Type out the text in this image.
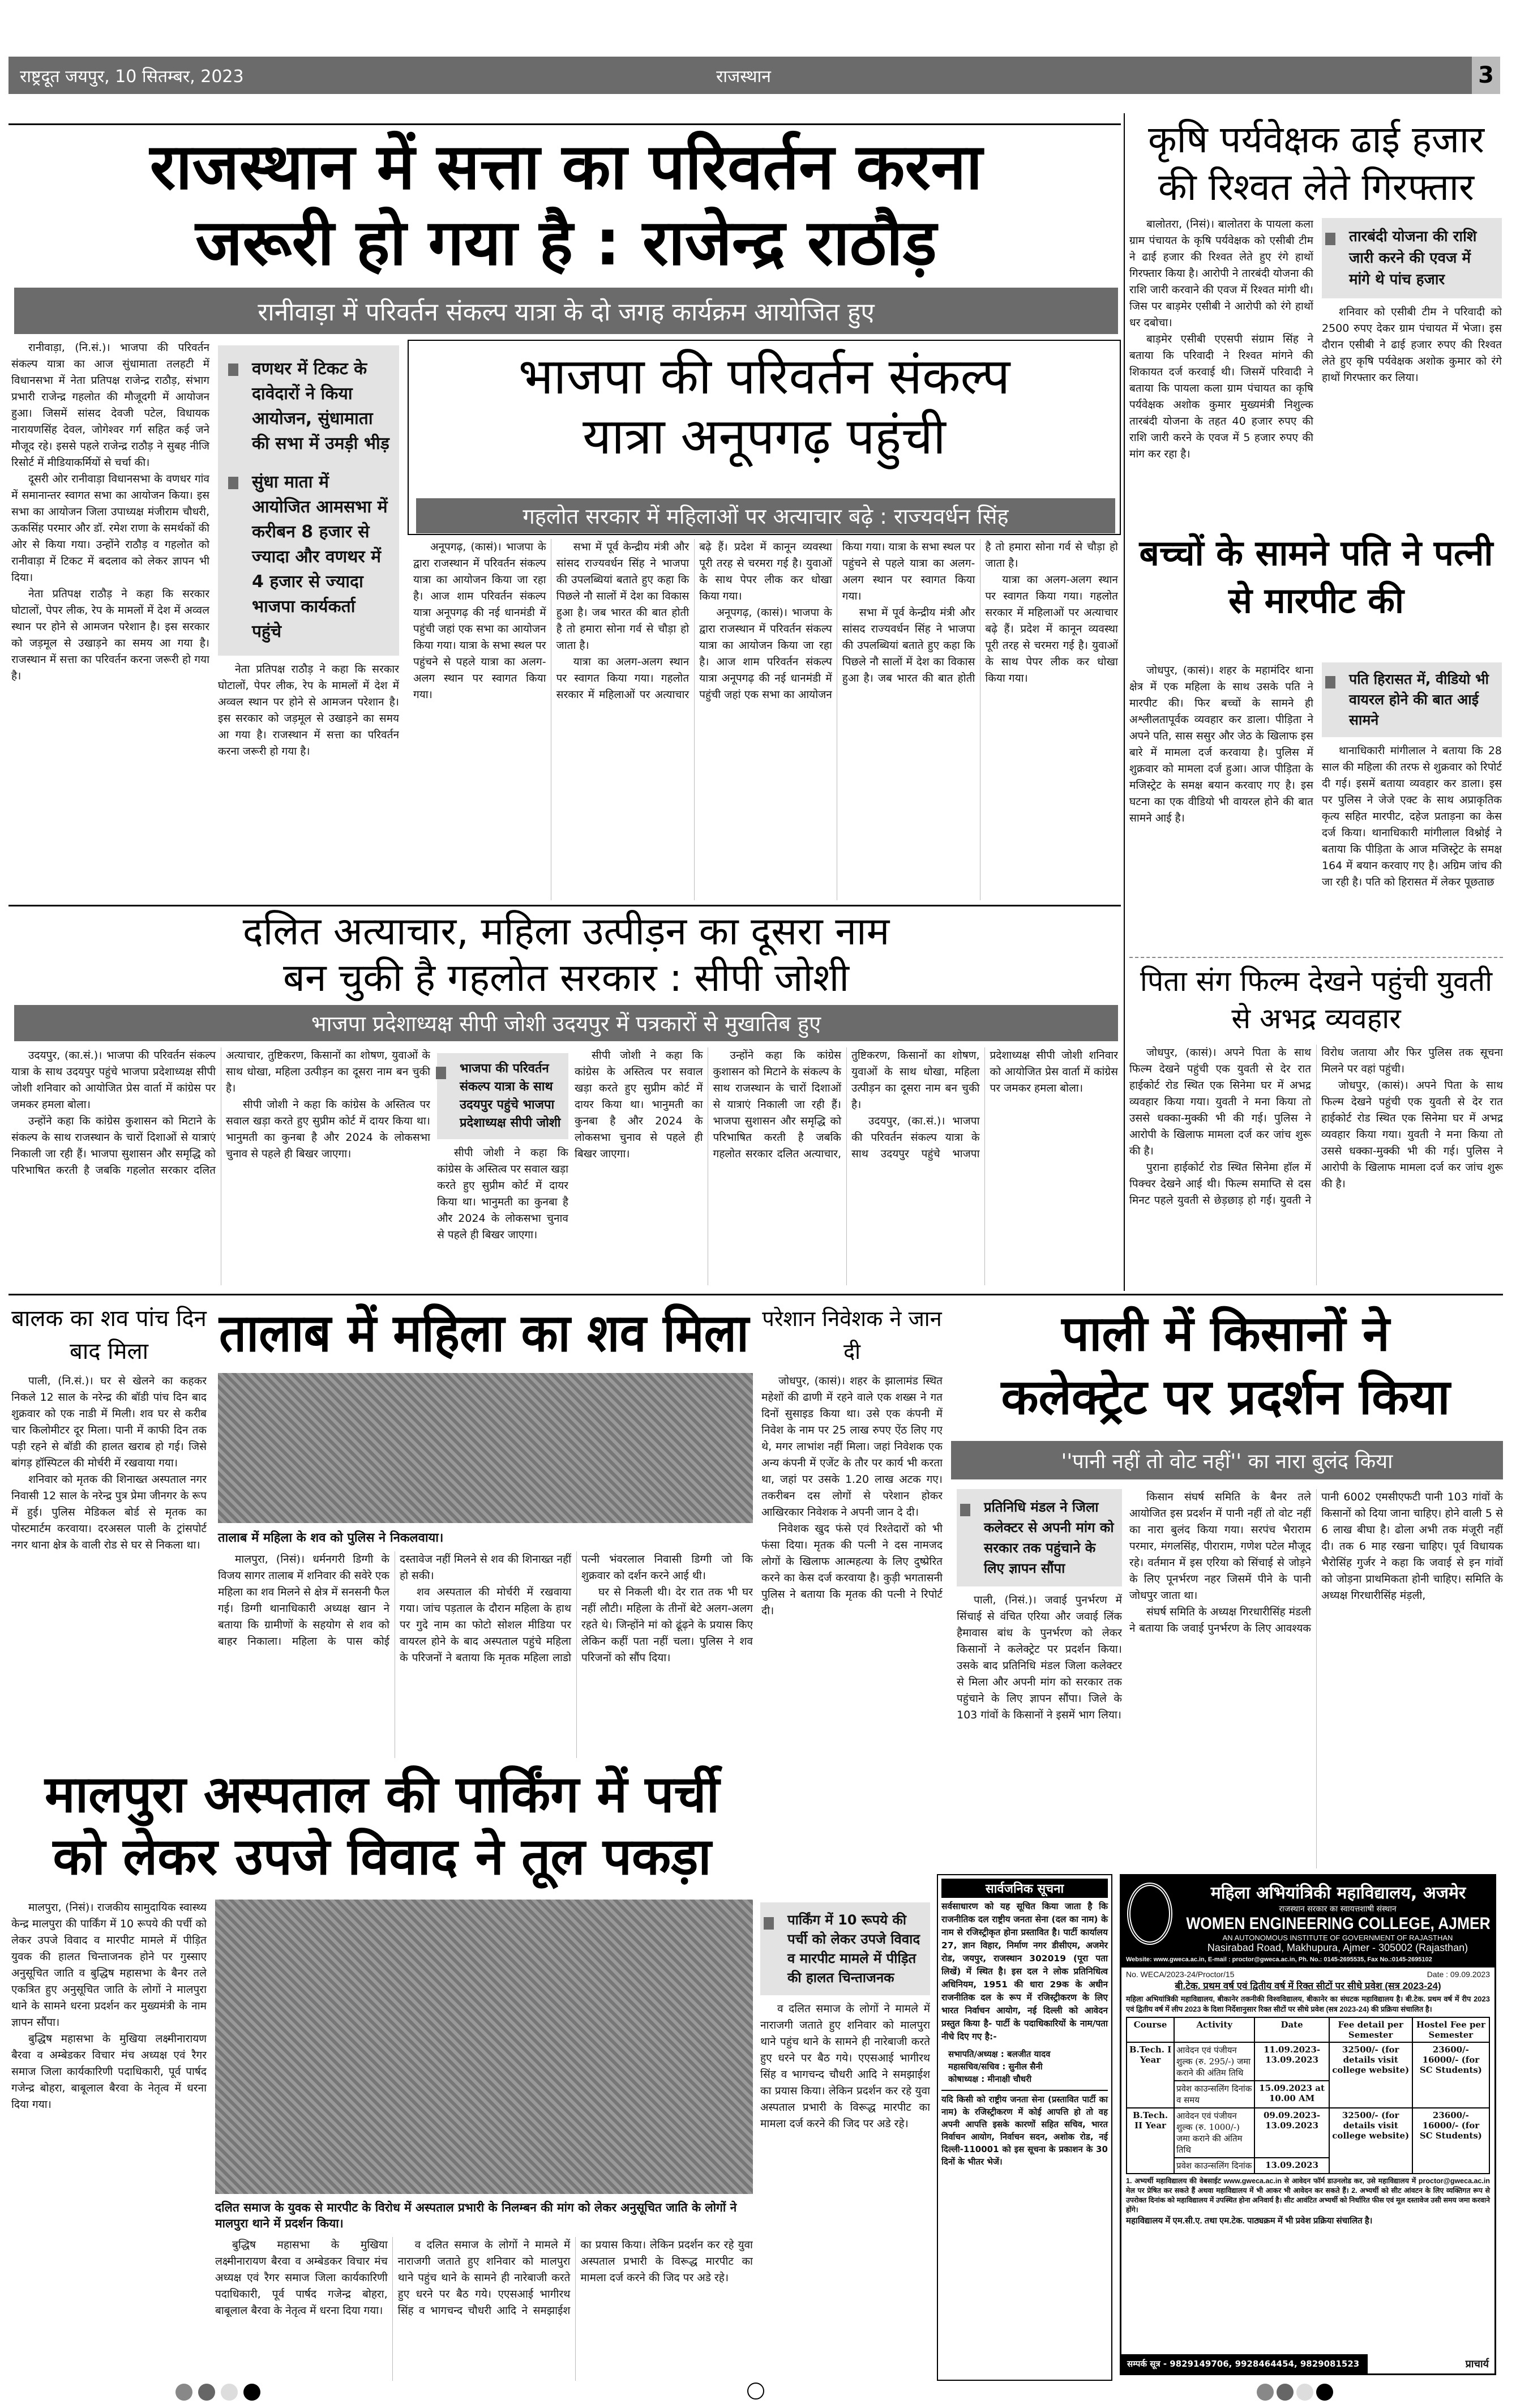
राष्ट्रदूत जयपुर, 10 सितम्बर, 2023	राजस्थान	3
राजस्थान में सत्ता का परिवर्तन करना
जरूरी हो गया है : राजेन्द्र राठौड़
रानीवाड़ा में परिवर्तन संकल्प यात्रा के दो जगह कार्यक्रम आयोजित हुए

रानीवाड़ा, (नि.सं.)। भाजपा की परिवर्तन संकल्प यात्रा का आज सुंधामाता तलहटी में विधानसभा में नेता प्रतिपक्ष राजेन्द्र राठौड़, संभाग प्रभारी राजेन्द्र गहलोत की मौजूदगी में आयोजन हुआ। जिसमें सांसद देवजी पटेल, विधायक नारायणसिंह देवल, जोगेश्वर गर्ग सहित कई जने मौजूद रहे। इससे पहले राजेन्द्र राठौड़ ने सुबह नीजि रिसोर्ट में मीडियाकर्मियों से चर्चा की।

दूसरी ओर रानीवाड़ा विधानसभा के वणधर गांव में समानान्तर स्वागत सभा का आयोजन किया। इस सभा का आयोजन जिला उपाध्यक्ष मंजीराम चौधरी, ऊकसिंह परमार और डॉ. रमेश राणा के समर्थकों की ओर से किया गया। उन्होंने राठौड़ व गहलोत को रानीवाड़ा में टिकट में बदलाव को लेकर ज्ञापन भी दिया।

नेता प्रतिपक्ष राठौड़ ने कहा कि सरकार घोटालों, पेपर लीक, रेप के मामलों में देश में अव्वल स्थान पर होने से आमजन परेशान है। इस सरकार को जड़मूल से उखाड़ने का समय आ गया है। राजस्थान में सत्ता का परिवर्तन करना जरूरी हो गया है।

वणथर में टिकट के दावेदारों ने किया आयोजन, सुंधामाता की सभा में उमड़ी भीड़
सुंधा माता में आयोजित आमसभा में करीबन 8 हजार से ज्यादा और वणथर में 4 हजार से ज्यादा भाजपा कार्यकर्ता पहुंचे

नेता प्रतिपक्ष राठौड़ ने कहा कि सरकार घोटालों, पेपर लीक, रेप के मामलों में देश में अव्वल स्थान पर होने से आमजन परेशान है। इस सरकार को जड़मूल से उखाड़ने का समय आ गया है। राजस्थान में सत्ता का परिवर्तन करना जरूरी हो गया है।

भाजपा की परिवर्तन संकल्प
यात्रा अनूपगढ़ पहुंची
गहलोत सरकार में महिलाओं पर अत्याचार बढ़े : राज्यवर्धन सिंह

अनूपगढ़, (कासं)। भाजपा के द्वारा राजस्थान में परिवर्तन संकल्प यात्रा का आयोजन किया जा रहा है। आज शाम परिवर्तन संकल्प यात्रा अनूपगढ़ की नई धानमंडी में पहुंची जहां एक सभा का आयोजन किया गया। यात्रा के सभा स्थल पर पहुंचने से पहले यात्रा का अलग-अलग स्थान पर स्वागत किया गया।

सभा में पूर्व केन्द्रीय मंत्री और सांसद राज्यवर्धन सिंह ने भाजपा की उपलब्धियां बताते हुए कहा कि पिछले नौ सालों में देश का विकास हुआ है। जब भारत की बात होती है तो हमारा सोना गर्व से चौड़ा हो जाता है।

यात्रा का अलग-अलग स्थान पर स्वागत किया गया। गहलोत सरकार में महिलाओं पर अत्याचार बढ़े हैं। प्रदेश में कानून व्यवस्था पूरी तरह से चरमरा गई है। युवाओं के साथ पेपर लीक कर धोखा किया गया।

अनूपगढ़, (कासं)। भाजपा के द्वारा राजस्थान में परिवर्तन संकल्प यात्रा का आयोजन किया जा रहा है। आज शाम परिवर्तन संकल्प यात्रा अनूपगढ़ की नई धानमंडी में पहुंची जहां एक सभा का आयोजन किया गया। यात्रा के सभा स्थल पर पहुंचने से पहले यात्रा का अलग-अलग स्थान पर स्वागत किया गया।

सभा में पूर्व केन्द्रीय मंत्री और सांसद राज्यवर्धन सिंह ने भाजपा की उपलब्धियां बताते हुए कहा कि पिछले नौ सालों में देश का विकास हुआ है। जब भारत की बात होती है तो हमारा सोना गर्व से चौड़ा हो जाता है।

यात्रा का अलग-अलग स्थान पर स्वागत किया गया। गहलोत सरकार में महिलाओं पर अत्याचार बढ़े हैं। प्रदेश में कानून व्यवस्था पूरी तरह से चरमरा गई है। युवाओं के साथ पेपर लीक कर धोखा किया गया।

दलित अत्याचार, महिला उत्पीड़न का दूसरा नाम
बन चुकी है गहलोत सरकार : सीपी जोशी
भाजपा प्रदेशाध्यक्ष सीपी जोशी उदयपुर में पत्रकारों से मुखातिब हुए

उदयपुर, (का.सं.)। भाजपा की परिवर्तन संकल्प यात्रा के साथ उदयपुर पहुंचे भाजपा प्रदेशाध्यक्ष सीपी जोशी शनिवार को आयोजित प्रेस वार्ता में कांग्रेस पर जमकर हमला बोला।

उन्होंने कहा कि कांग्रेस कुशासन को मिटाने के संकल्प के साथ राजस्थान के चारों दिशाओं से यात्राएं निकाली जा रही हैं। भाजपा सुशासन और समृद्धि को परिभाषित करती है जबकि गहलोत सरकार दलित अत्याचार, तुष्टिकरण, किसानों का शोषण, युवाओं के साथ धोखा, महिला उत्पीड़न का दूसरा नाम बन चुकी है।

सीपी जोशी ने कहा कि कांग्रेस के अस्तित्व पर सवाल खड़ा करते हुए सुप्रीम कोर्ट में दायर किया था। भानुमती का कुनबा है और 2024 के लोकसभा चुनाव से पहले ही बिखर जाएगा।

भाजपा की परिवर्तन संकल्प यात्रा के साथ उदयपुर पहुंचे भाजपा प्रदेशाध्यक्ष सीपी जोशी

सीपी जोशी ने कहा कि कांग्रेस के अस्तित्व पर सवाल खड़ा करते हुए सुप्रीम कोर्ट में दायर किया था। भानुमती का कुनबा है और 2024 के लोकसभा चुनाव से पहले ही बिखर जाएगा।

सीपी जोशी ने कहा कि कांग्रेस के अस्तित्व पर सवाल खड़ा करते हुए सुप्रीम कोर्ट में दायर किया था। भानुमती का कुनबा है और 2024 के लोकसभा चुनाव से पहले ही बिखर जाएगा।

उन्होंने कहा कि कांग्रेस कुशासन को मिटाने के संकल्प के साथ राजस्थान के चारों दिशाओं से यात्राएं निकाली जा रही हैं। भाजपा सुशासन और समृद्धि को परिभाषित करती है जबकि गहलोत सरकार दलित अत्याचार, तुष्टिकरण, किसानों का शोषण, युवाओं के साथ धोखा, महिला उत्पीड़न का दूसरा नाम बन चुकी है।

उदयपुर, (का.सं.)। भाजपा की परिवर्तन संकल्प यात्रा के साथ उदयपुर पहुंचे भाजपा प्रदेशाध्यक्ष सीपी जोशी शनिवार को आयोजित प्रेस वार्ता में कांग्रेस पर जमकर हमला बोला।

कृषि पर्यवेक्षक ढाई हजार की रिश्वत लेते गिरफ्तार

बालोतरा, (निसं)। बालोतरा के पायला कला ग्राम पंचायत के कृषि पर्यवेक्षक को एसीबी टीम ने ढाई हजार की रिश्वत लेते हुए रंगे हाथों गिरफ्तार किया है। आरोपी ने तारबंदी योजना की राशि जारी करवाने की एवज में रिश्वत मांगी थी। जिस पर बाड़मेर एसीबी ने आरोपी को रंगे हाथों धर दबोचा।

बाड़मेर एसीबी एएसपी संग्राम सिंह ने बताया कि परिवादी ने रिश्वत मांगने की शिकायत दर्ज करवाई थी। जिसमें परिवादी ने बताया कि पायला कला ग्राम पंचायत का कृषि पर्यवेक्षक अशोक कुमार मुख्यमंत्री निशुल्क तारबंदी योजना के तहत 40 हजार रुपए की राशि जारी करने के एवज में 5 हजार रुपए की मांग कर रहा है।

तारबंदी योजना की राशि जारी करने की एवज में मांगे थे पांच हजार

शनिवार को एसीबी टीम ने परिवादी को 2500 रुपए देकर ग्राम पंचायत में भेजा। इस दौरान एसीबी ने ढाई हजार रुपए की रिश्वत लेते हुए कृषि पर्यवेक्षक अशोक कुमार को रंगे हाथों गिरफ्तार कर लिया।

बच्चों के सामने पति ने पत्नी से मारपीट की

जोधपुर, (कासं)। शहर के महामंदिर थाना क्षेत्र में एक महिला के साथ उसके पति ने मारपीट की। फिर बच्चों के सामने ही अश्लीलतापूर्वक व्यवहार कर डाला। पीड़िता ने अपने पति, सास ससुर और जेठ के खिलाफ इस बारे में मामला दर्ज करवाया है। पुलिस में शुक्रवार को मामला दर्ज हुआ। आज पीड़िता के मजिस्ट्रेट के समक्ष बयान करवाए गए है। इस घटना का एक वीडियो भी वायरल होने की बात सामने आई है।

पति हिरासत में, वीडियो भी वायरल होने की बात आई सामने

थानाधिकारी मांगीलाल ने बताया कि 28 साल की महिला की तरफ से शुक्रवार को रिपोर्ट दी गई। इसमें बताया व्यवहार कर डाला। इस पर पुलिस ने जेजे एक्ट के साथ अप्राकृतिक कृत्य सहित मारपीट, दहेज प्रताड़ना का केस दर्ज किया। थानाधिकारी मांगीलाल विश्नोई ने बताया कि पीड़िता के आज मजिस्ट्रेट के समक्ष 164 में बयान करवाए गए है। अग्रिम जांच की जा रही है। पति को हिरासत में लेकर पूछताछ

पिता संग फिल्म देखने पहुंची युवती से अभद्र व्यवहार

जोधपुर, (कासं)। अपने पिता के साथ फिल्म देखने पहुंची एक युवती से देर रात हाईकोर्ट रोड स्थित एक सिनेमा घर में अभद्र व्यवहार किया गया। युवती ने मना किया तो उससे धक्का-मुक्की भी की गई। पुलिस ने आरोपी के खिलाफ मामला दर्ज कर जांच शुरू की है।

पुराना हाईकोर्ट रोड स्थित सिनेमा हॉल में पिक्चर देखने आई थी। फिल्म समाप्ति से दस मिनट पहले युवती से छेड़छाड़ हो गई। युवती ने विरोध जताया और फिर पुलिस तक सूचना मिलने पर वहां पहुंची।

जोधपुर, (कासं)। अपने पिता के साथ फिल्म देखने पहुंची एक युवती से देर रात हाईकोर्ट रोड स्थित एक सिनेमा घर में अभद्र व्यवहार किया गया। युवती ने मना किया तो उससे धक्का-मुक्की भी की गई। पुलिस ने आरोपी के खिलाफ मामला दर्ज कर जांच शुरू की है।

बालक का शव पांच दिन बाद मिला

पाली, (नि.सं.)। घर से खेलने का कहकर निकले 12 साल के नरेन्द्र की बॉडी पांच दिन बाद शुक्रवार को एक नाडी में मिली। शव घर से करीब चार किलोमीटर दूर मिला। पानी में काफी दिन तक पड़ी रहने से बॉडी की हालत खराब हो गई। जिसे बांगड़ हॉस्पिटल की मोर्चरी में रखवाया गया।

शनिवार को मृतक की शिनाख्त अस्पताल नगर निवासी 12 साल के नरेन्द्र पुत्र प्रेमा जीनगर के रूप में हुई। पुलिस मेडिकल बोर्ड से मृतक का पोस्टमार्टम करवाया। दरअसल पाली के ट्रांसपोर्ट नगर थाना क्षेत्र के वाली रोड से घर से निकला था।

तालाब में महिला का शव मिला
तालाब में महिला के शव को पुलिस ने निकलवाया।

मालपुरा, (निसं)। धर्मनगरी डिग्गी के विजय सागर तालाब में शनिवार की सवेरे एक महिला का शव मिलने से क्षेत्र में सनसनी फैल गई। डिग्गी थानाधिकारी अध्यक्ष खान ने बताया कि ग्रामीणों के सहयोग से शव को बाहर निकाला। महिला के पास कोई दस्तावेज नहीं मिलने से शव की शिनाख्त नहीं हो सकी।

शव अस्पताल की मोर्चरी में रखवाया गया। जांच पड़ताल के दौरान महिला के हाथ पर गुदे नाम का फोटो सोशल मीडिया पर वायरल होने के बाद अस्पताल पहुंचे महिला के परिजनों ने बताया कि मृतक महिला लाडो पत्नी भंवरलाल निवासी डिग्गी जो कि शुक्रवार को दर्शन करने आई थी।

घर से निकली थी। देर रात तक भी घर नहीं लौटी। महिला के तीनों बेटे अलग-अलग रहते थे। जिन्होंने मां को ढूंढ़ने के प्रयास किए लेकिन कहीं पता नहीं चला। पुलिस ने शव परिजनों को सौंप दिया।

परेशान निवेशक ने जान दी

जोधपुर, (कासं)। शहर के झालामंड स्थित महेशों की ढाणी में रहने वाले एक शख्स ने गत दिनों सुसाइड किया था। उसे एक कंपनी में निवेश के नाम पर 25 लाख रुपए ऐंठ लिए गए थे, मगर लाभांश नहीं मिला। जहां निवेशक एक अन्य कंपनी में एजेंट के तौर पर कार्य भी करता था, जहां पर उसके 1.20 लाख अटक गए। तकरीबन दस लोगों से परेशान होकर आखिरकार निवेशक ने अपनी जान दे दी।

निवेशक खुद फंसे एवं रिश्तेदारों को भी फंसा दिया। मृतक की पत्नी ने दस नामजद लोगों के खिलाफ आत्महत्या के लिए दुष्प्रेरित करने का केस दर्ज करवाया है। कुड़ी भगतासनी पुलिस ने बताया कि मृतक की पत्नी ने रिपोर्ट दी।

पाली में किसानों ने
कलेक्ट्रेट पर प्रदर्शन किया
''पानी नहीं तो वोट नहीं'' का नारा बुलंद किया
प्रतिनिधि मंडल ने जिला कलेक्टर से अपनी मांग को सरकार तक पहुंचाने के लिए ज्ञापन सौंपा

पाली, (निसं.)। जवाई पुनर्भरण में सिंचाई से वंचित एरिया और जवाई लिंक हैमावास बांध के पुनर्भरण को लेकर किसानों ने कलेक्ट्रेट पर प्रदर्शन किया। उसके बाद प्रतिनिधि मंडल जिला कलेक्टर से मिला और अपनी मांग को सरकार तक पहुंचाने के लिए ज्ञापन सौंपा। जिले के 103 गांवों के किसानों ने इसमें भाग लिया।

किसान संघर्ष समिति के बैनर तले आयोजित इस प्रदर्शन में पानी नहीं तो वोट नहीं का नारा बुलंद किया गया। सरपंच भैराराम परमार, मंगलसिंह, पीराराम, गणेश पटेल मौजूद रहे। वर्तमान में इस एरिया को सिंचाई से जोड़ने के लिए पूनर्भरण नहर जिसमें पीने के पानी जोधपुर जाता था।

संघर्ष समिति के अध्यक्ष गिरधारीसिंह मंडली ने बताया कि जवाई पुनर्भरण के लिए आवश्यक पानी 6002 एमसीएफटी पानी 103 गांवों के किसानों को दिया जाना चाहिए। होने वाली 5 से 6 लाख बीघा है। ढोला अभी तक मंजूरी नहीं दी। तक 6 माह रखना चाहिए। पूर्व विधायक भैरोसिंह गुर्जर ने कहा कि जवाई से इन गांवों को जोड़ना प्राथमिकता होनी चाहिए। समिति के अध्यक्ष गिरधारीसिंह मंड़ली,

मालपुरा अस्पताल की पार्किंग में पर्ची
को लेकर उपजे विवाद ने तूल पकड़ा

मालपुरा, (निसं)। राजकीय सामुदायिक स्वास्थ्य केन्द्र मालपुरा की पार्किंग में 10 रूपये की पर्ची को लेकर उपजे विवाद व मारपीट मामले में पीड़ित युवक की हालत चिन्ताजनक होने पर गुस्साए अनुसूचित जाति व बुद्धिष महासभा के बैनर तले एकत्रित हुए अनुसूचित जाति के लोगों ने मालपुरा थाने के सामने धरना प्रदर्शन कर मुख्यमंत्री के नाम ज्ञापन सौंपा।

बुद्धिष महासभा के मुखिया लक्ष्मीनारायण बैरवा व अम्बेडकर विचार मंच अध्यक्ष एवं रैगर समाज जिला कार्यकारिणी पदाधिकारी, पूर्व पार्षद गजेन्द्र बोहरा, बाबूलाल बैरवा के नेतृत्व में धरना दिया गया।

दलित समाज के युवक से मारपीट के विरोध में अस्पताल प्रभारी के निलम्बन की मांग को लेकर अनुसूचित जाति के लोगों ने मालपुरा थाने में प्रदर्शन किया।

बुद्धिष महासभा के मुखिया लक्ष्मीनारायण बैरवा व अम्बेडकर विचार मंच अध्यक्ष एवं रैगर समाज जिला कार्यकारिणी पदाधिकारी, पूर्व पार्षद गजेन्द्र बोहरा, बाबूलाल बैरवा के नेतृत्व में धरना दिया गया।

व दलित समाज के लोगों ने मामले में नाराजगी जताते हुए शनिवार को मालपुरा थाने पहुंच थाने के सामने ही नारेबाजी करते हुए धरने पर बैठ गये। एएसआई भागीरथ सिंह व भागचन्द चौधरी आदि ने समझाईश का प्रयास किया। लेकिन प्रदर्शन कर रहे युवा अस्पताल प्रभारी के विरूद्ध मारपीट का मामला दर्ज करने की जिद पर अडे रहे।

पार्किंग में 10 रूपये की पर्ची को लेकर उपजे विवाद व मारपीट मामले में पीड़ित की हालत चिन्ताजनक

व दलित समाज के लोगों ने मामले में नाराजगी जताते हुए शनिवार को मालपुरा थाने पहुंच थाने के सामने ही नारेबाजी करते हुए धरने पर बैठ गये। एएसआई भागीरथ सिंह व भागचन्द चौधरी आदि ने समझाईश का प्रयास किया। लेकिन प्रदर्शन कर रहे युवा अस्पताल प्रभारी के विरूद्ध मारपीट का मामला दर्ज करने की जिद पर अडे रहे।

सार्वजनिक सूचना
सर्वसाधारण को यह सूचित किया जाता है कि राजनीतिक दल राष्ट्रीय जनता सेना (दल का नाम) के नाम से रजिस्ट्रीकृत होना प्रस्तावित है। पार्टी कार्यालय 27, ज्ञान विहार, निर्माण नगर डीसीएम, अजमेर रोड, जयपुर, राजस्थान 302019 (पूरा पता लिखें) में स्थित है। इस दल ने लोक प्रतिनिधित्व अधिनियम, 1951 की धारा 29क के अधीन राजनीतिक दल के रूप में रजिस्ट्रीकरण के लिए भारत निर्वाचन आयोग, नई दिल्ली को आवेदन प्रस्तुत किया है- पार्टी के पदाधिकारियों के नाम/पता नीचे दिए गए है:-
सभापति/अध्यक्ष : बलजीत यादव
महासचिव/सचिव : सुनील सैनी
कोषाध्यक्ष : मीनाक्षी चौधरी
यदि किसी को राष्ट्रीय जनता सेना (प्रस्तावित पार्टी का नाम) के रजिस्ट्रीकरण में कोई आपत्ति हो तो वह अपनी आपत्ति इसके कारणों सहित सचिव, भारत निर्वाचन आयोग, निर्वाचन सदन, अशोक रोड, नई दिल्ली-110001 को इस सूचना के प्रकाशन के 30 दिनों के भीतर भेजें।
महिला अभियांत्रिकी महाविद्यालय, अजमेर
राजस्थान सरकार का स्वायत्तशाषी संस्थान
WOMEN ENGINEERING COLLEGE, AJMER
AN AUTONOMOUS INSTITUTE OF GOVERNMENT OF RAJASTHAN
Nasirabad Road, Makhupura, Ajmer - 305002 (Rajasthan)
Website: www.gweca.ac.in, E-mail : proctor@gweca.ac.in, Ph. No.: 0145-2695535, Fax No.:0145-2695102
No. WECA/2023-24/Proctor/15	Date : 09.09.2023
बी.टेक. प्रथम वर्ष एवं द्वितीय वर्ष में रिक्त सीटों पर सीधे प्रवेश (सत्र 2023-24)
महिला अभियांत्रिकी महाविद्यालय, बीकानेर तकनीकी विश्वविद्यालय, बीकानेर का संघटक महाविद्यालय है। बी.टेक. प्रथम वर्ष में रीप 2023 एवं द्वितीय वर्ष में लीप 2023 के दिशा निर्देशानुसार रिक्त सीटों पर सीधे प्रवेश (सत्र 2023-24) की प्रक्रिया संचालित है।
Course	Activity	Date	Fee detail per Semester	Hostel Fee per Semester
B.Tech. I Year	आवेदन एवं पंजीयन शुल्क (रु. 295/-) जमा कराने की अंतिम तिथि	11.09.2023-13.09.2023	32500/- (for details visit college website)	23600/- 16000/- (for SC Students)
	प्रवेश काउन्सलिंग दिनांक व समय	15.09.2023 at 10.00 AM		
B.Tech. II Year	आवेदन एवं पंजीयन शुल्क (रु. 1000/-) जमा कराने की अंतिम तिथि	09.09.2023-13.09.2023	32500/- (for details visit college website)	23600/- 16000/- (for SC Students)
	प्रवेश काउन्सलिंग दिनांक	13.09.2023		
1. अभ्यर्थी महाविद्यालय की वेबसाईट www.gweca.ac.in से आवेदन फॉर्म डाउनलोड कर, उसे महाविद्यालय में proctor@gweca.ac.in मेल पर प्रेषित कर सकते हैं अथवा महाविद्यालय में भी आकर भी आवेदन कर सकते हैं। 2. अभ्यर्थी को सीट आंवटन के लिए व्यक्तिगत रूप से उपरोक्त दिनांक को महाविद्यालय में उपस्थित होना अनिवार्य है। सीट आवंटित अभ्यर्थी को निर्धारित फीस एवं मूल दस्तावेज उसी समय जमा करवाने होंगे।
महाविद्यालय में एम.सी.ए. तथा एम.टेक. पाठ्यक्रम में भी प्रवेश प्रक्रिया संचालित है।
सम्पर्क सूत्र - 9829149706, 9928464454, 9829081523	प्राचार्य
